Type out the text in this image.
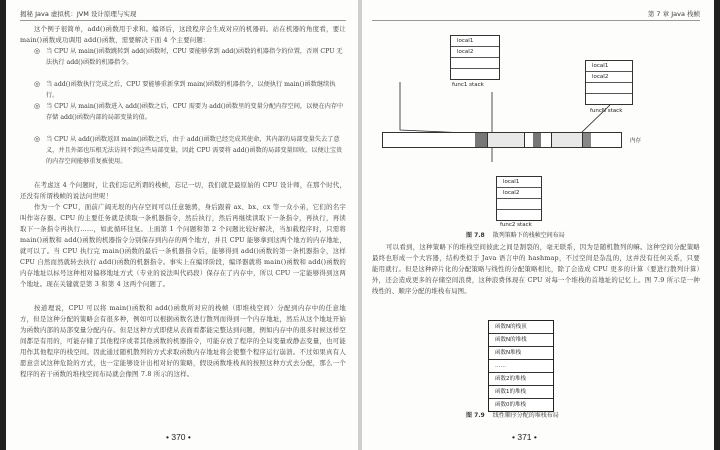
揭秘 Java 虚拟机：JVM 设计原理与实现
这个例子很简单，add()函数用于求和。编译后，这段程序会生成对应的机器码。站在机器的角度看，要让 main()函数成功调用 add()函数，需要解决下面 4 个主要问题：
◎ 当 CPU 从 main()函数跳转到 add()函数时，CPU 要能够拿到 add()函数的机器指令的位置，否则 CPU 无法执行 add()函数的机器指令。
◎ 当 add()函数执行完成之后，CPU 要能够重新拿到 main()函数的机器指令，以便执行 main()函数继续执行。
◎ 当 CPU 从 main()函数进入 add()函数之后，CPU 需要为 add()函数里的变量分配内存空间，以便在内存中存储 add()函数内部的局部变量的值。
◎ 当 CPU 从 add()函数返回 main()函数之后，由于 add()函数已经完成其使命，其内部的局部变量失去了意义，并且外部也压根无法访问不到这些局部变量，因此 CPU 需要将 add()函数的局部变量回收，以便让宝贵的内存空间能够重复被使用。
在考虑这 4 个问题时，让我们忘记所谓的栈帧，忘记一切，我们就是最原始的 CPU 设计师，在那个时代，还没有所谓栈帧的说法问世呢！
作为一个 CPU，面前广阔无垠的内存空间可以任意驰骋，身后跟着 ax、bx、cx 等一众小弟，它们的名字叫作寄存器。CPU 的主要任务就是读取一条机器指令，然后执行，然后再继续读取下一条指令，再执行，再读取下一条指令再执行……，如此循环往复。上面第 1 个问题和第 2 个问题比较好解决，当加载程序时，只需将 main()函数和 add()函数的机器指令分别保存到内存的两个地方，并且 CPU 能够拿到这两个地方的内存地址，就可以了。当 CPU 执行完 main()函数的最后一条机器指令后，能够得到 add()函数的第一条机器指令，这样 CPU 自然而然就转去执行 add()函数的机器指令。事实上在编译阶段，编译器就将 main()函数和 add()函数的内存地址以标号这种相对偏移地址方式（专业的说法叫代码段）保存在了内存中，所以 CPU 一定能够得到这两个地址。现在关键就是第 3 和第 4 这两个问题了。
按道理说，CPU 可以将 main()函数和 add()函数所对应的栈帧（即堆栈空间）分配到内存中的任意地方，但是这种分配的策略会有很多种，例如可以根据函数名进行散列而得到一个内存地址，然后从这个地址开始为函数内部的局部变量分配内存。但是这种方式即使从表面看都能完整达到问题，例如内存中的很多时候这样空间都是有用的，可能存储了其他程序或者其他函数的机器指令，可能存放了程序的全局变量或静态变量，也可能用作其他程序的栈空间。因此通过随机散列的方式求取函数内存地址将会使整个程序运行崩溃。不过如果真有人愿意尝试这种危险的方式，也一定能够设计出相对好的策略，假设函数堆栈真的按照这种方式去分配，那么一个程序的若干函数的堆栈空间布局就会像图 7.8 所示的这样。
• 370 •
第 7 章 Java 栈帧
local1
local2
func1 stack
local1
local2
funcN stack
内存
local1
local2
func2 stack
图 7.8 散列策略下的栈帧空间布局
可以看到，这种策略下的堆栈空间彼此之间是割裂的，毫无联系，因为是随机散列的嘛。这种空间分配策略最终也形成一个大容器，结构类似于 Java 语言中的 hashmap，不过空间是杂乱的，这并没有任何关系，只要能用就行。但是这种碎片化的分配策略与线性的分配策略相比，除了会造成 CPU 更多的计算（要进行散列计算）外，还会造成更多的存储空间浪费，这种浪费体现在 CPU 对每一个堆栈的首地址的记忆上。图 7.9 所示是一种线性的、顺序分配的堆栈布局图。
函数N的栈顶
函数N的堆栈
函数N堆栈
……
函数2的堆栈
函数1的堆栈
函数0的堆栈
图 7.9 线性顺序分配的堆栈布局
• 371 •
